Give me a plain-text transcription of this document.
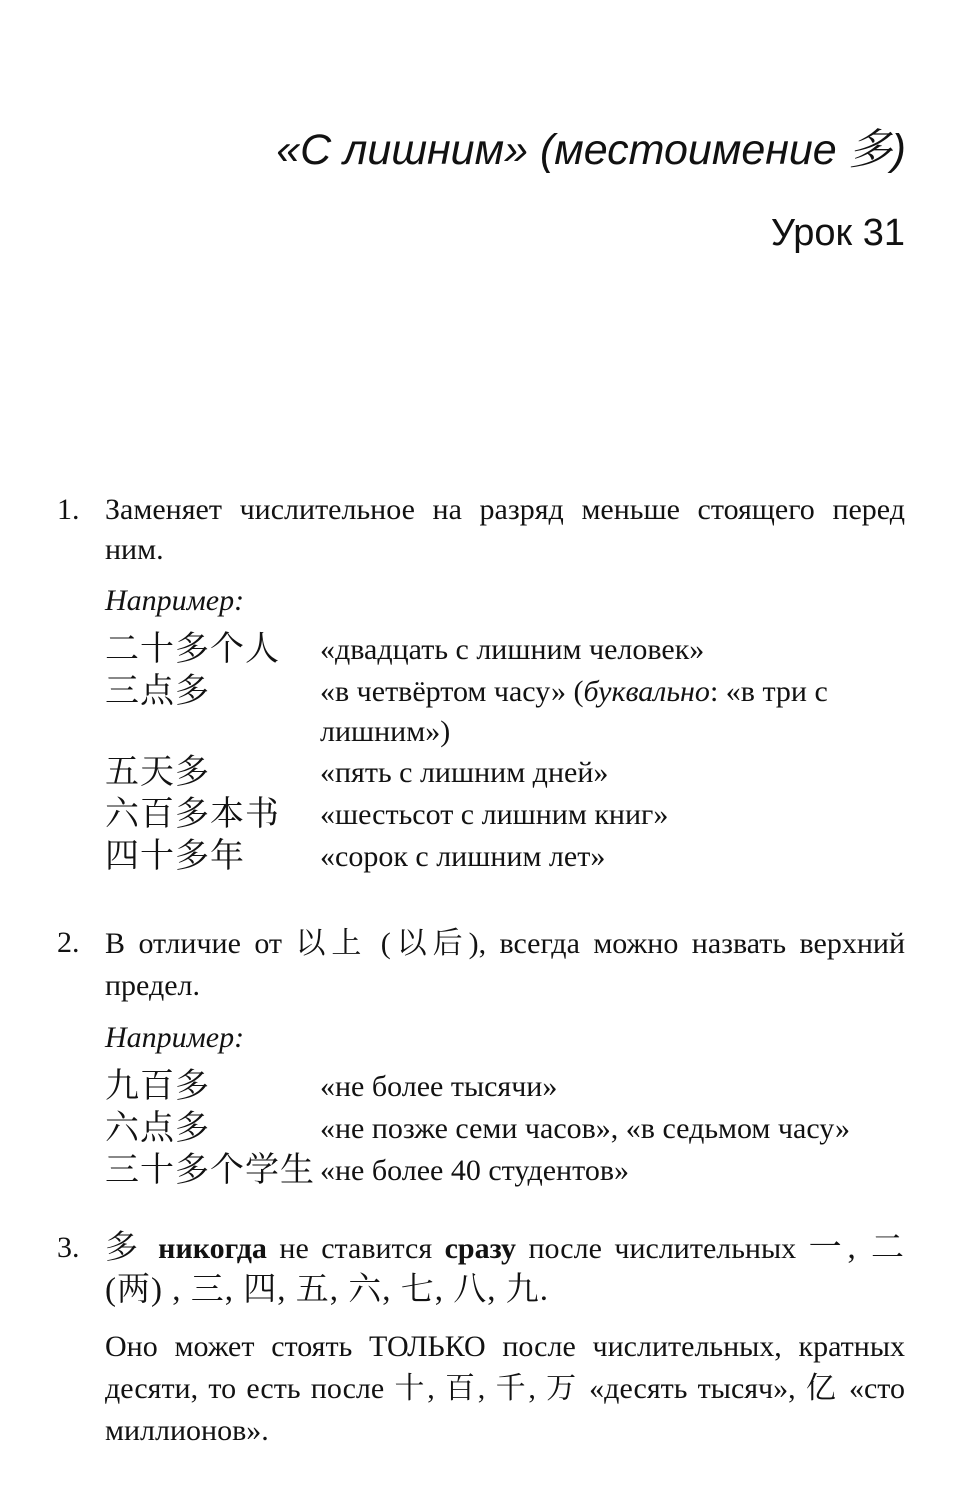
«С лишним» (местоимение 多)
Урок 31
1. Заменяет числительное на разряд меньше стоящего перед ним.
Например:
二十多个人	«двадцать с лишним человек»
三点多	«в четвёртом часу» (буквально: «в три с лишним»)
五天多	«пять с лишним дней»
六百多本书	«шестьсот с лишним книг»
四十多年	«сорок с лишним лет»
2. В отличие от 以上 (以后), всегда можно назвать верхний предел.
Например:
九百多	«не более тысячи»
六点多	«не позже семи часов», «в седьмом часу»
三十多个学生 «не более 40 студентов»
3. 多 никогда не ставится сразу после числительных 一, 二 (两) , 三, 四, 五, 六, 七, 八, 九.
Оно может стоять ТОЛЬКО после числительных, кратных десяти, то есть после 十, 百, 千, 万 «десять тысяч», 亿 «сто миллионов».
